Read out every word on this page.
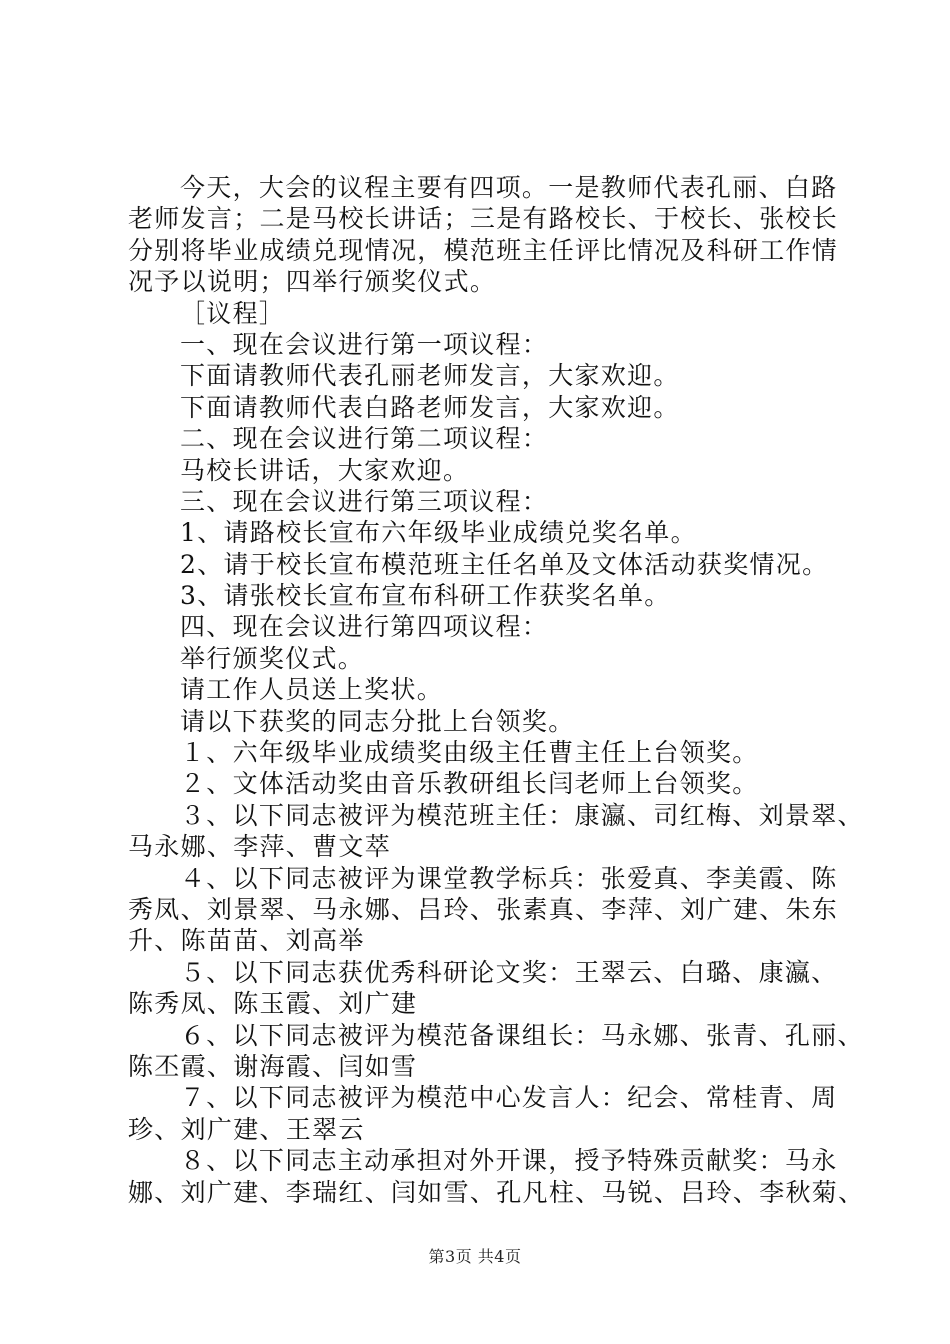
今天，大会的议程主要有四项。一是教师代表孔丽、白路
老师发言；二是马校长讲话；三是有路校长、于校长、张校长
分别将毕业成绩兑现情况，模范班主任评比情况及科研工作情
况予以说明；四举行颁奖仪式。
［议程］
一、现在会议进行第一项议程：
下面请教师代表孔丽老师发言，大家欢迎。
下面请教师代表白路老师发言，大家欢迎。
二、现在会议进行第二项议程：
马校长讲话，大家欢迎。
三、现在会议进行第三项议程：
1、请路校长宣布六年级毕业成绩兑奖名单。
2、请于校长宣布模范班主任名单及文体活动获奖情况。
3、请张校长宣布宣布科研工作获奖名单。
四、现在会议进行第四项议程：
举行颁奖仪式。
请工作人员送上奖状。
请以下获奖的同志分批上台领奖。
１、六年级毕业成绩奖由级主任曹主任上台领奖。
２、文体活动奖由音乐教研组长闫老师上台领奖。
３、以下同志被评为模范班主任：康瀛、司红梅、刘景翠、
马永娜、李萍、曹文萃
４、以下同志被评为课堂教学标兵：张爱真、李美霞、陈
秀凤、刘景翠、马永娜、吕玲、张素真、李萍、刘广建、朱东
升、陈苗苗、刘高举
５、以下同志获优秀科研论文奖：王翠云、白璐、康瀛、
陈秀凤、陈玉霞、刘广建
６、以下同志被评为模范备课组长：马永娜、张青、孔丽、
陈丕霞、谢海霞、闫如雪
７、以下同志被评为模范中心发言人：纪会、常桂青、周
珍、刘广建、王翠云
８、以下同志主动承担对外开课，授予特殊贡献奖：马永
娜、刘广建、李瑞红、闫如雪、孔凡柱、马锐、吕玲、李秋菊、
第3页 共4页
